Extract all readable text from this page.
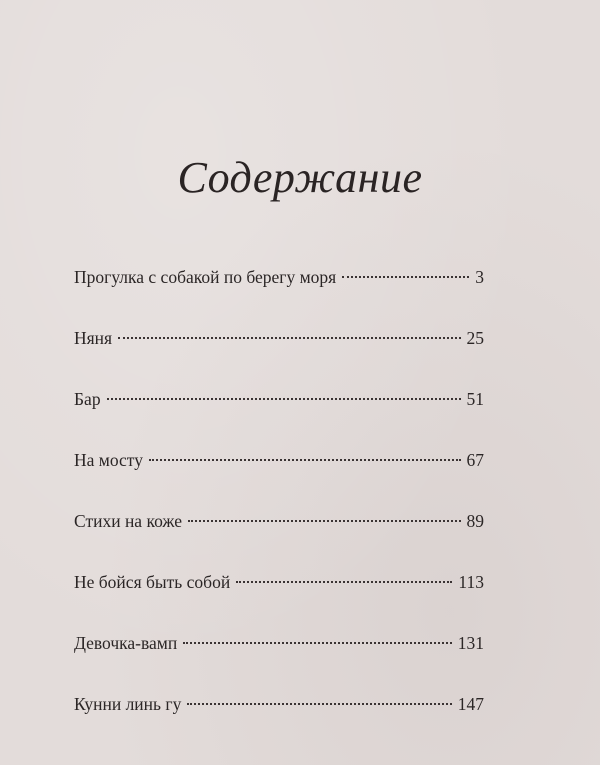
Содержание
Прогулка с собакой по берегу моря	3
Няня	25
Бар	51
На мосту	67
Стихи на коже	89
Не бойся быть собой	113
Девочка-вамп	131
Кунни линь гу	147
